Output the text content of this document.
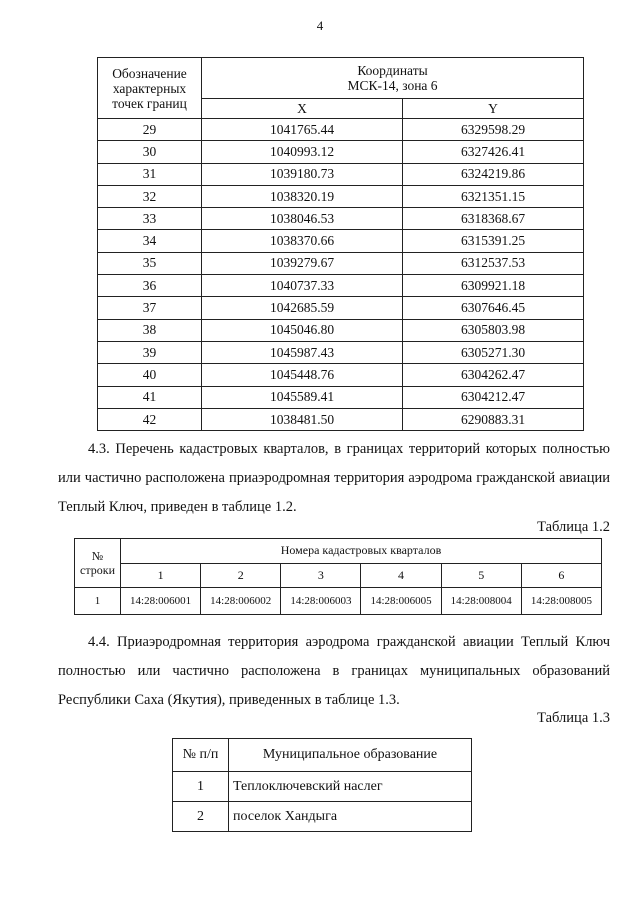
4
Обозначение характерных точек границ	Координаты
МСК-14, зона 6	

	X	Y
29	1041765.44	6329598.29
30	1040993.12	6327426.41
31	1039180.73	6324219.86
32	1038320.19	6321351.15
33	1038046.53	6318368.67
34	1038370.66	6315391.25
35	1039279.67	6312537.53
36	1040737.33	6309921.18
37	1042685.59	6307646.45
38	1045046.80	6305803.98
39	1045987.43	6305271.30
40	1045448.76	6304262.47
41	1045589.41	6304212.47
42	1038481.50	6290883.31
4.3. Перечень кадастровых кварталов, в границах территорий которых полностью или частично расположена приаэродромная территория аэродрома гражданской авиации Теплый Ключ, приведен в таблице 1.2.
Таблица 1.2
№
строки	Номера кадастровых кварталов					
	1	2	3	4	5	6
1	14:28:006001	14:28:006002	14:28:006003	14:28:006005	14:28:008004	14:28:008005
4.4. Приаэродромная территория аэродрома гражданской авиации Теплый Ключ полностью или частично расположена в границах муниципальных образований Республики Саха (Якутия), приведенных в таблице 1.3.
Таблица 1.3
№ п/п	Муниципальное образование
1	Теплоключевский наслег
2	поселок Хандыга
